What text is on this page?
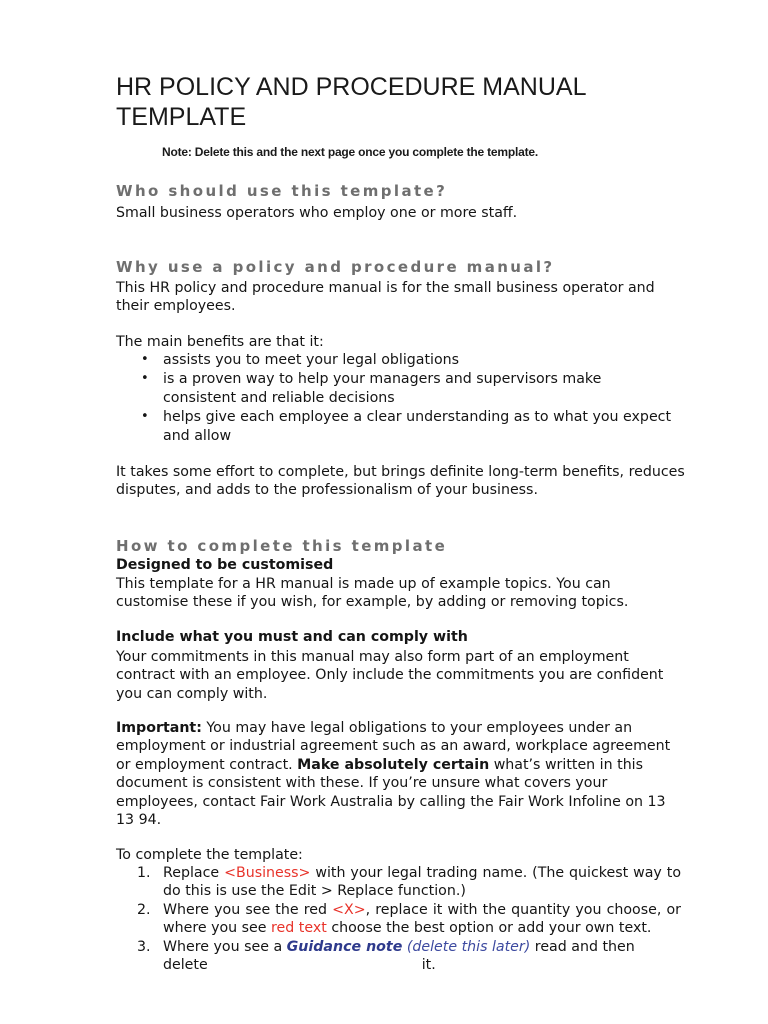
HR POLICY AND PROCEDURE MANUAL
TEMPLATE
Note: Delete this and the next page once you complete the template.
Who should use this template?

Small business operators who employ one or more staff.

Why use a policy and procedure manual?

This HR policy and procedure manual is for the small business operator and their employees.

The main benefits are that it:

• assists you to meet your legal obligations
• is a proven way to help your managers and supervisors make consistent and reliable decisions
• helps give each employee a clear understanding as to what you expect and allow

It takes some effort to complete, but brings definite long-term benefits, reduces disputes, and adds to the professionalism of your business.

How to complete this template

Designed to be customised

This template for a HR manual is made up of example topics. You can customise these if you wish, for example, by adding or removing topics.

Include what you must and can comply with

Your commitments in this manual may also form part of an employment contract with an employee. Only include the commitments you are confident you can comply with.

Important: You may have legal obligations to your employees under an employment or industrial agreement such as an award, workplace agreement or employment contract. Make absolutely certain what’s written in this document is consistent with these. If you’re unsure what covers your employees, contact Fair Work Australia by calling the Fair Work Infoline on 13 13 94.

To complete the template:

1. Replace <Business> with your legal trading name. (The quickest way to do this is use the Edit > Replace function.)
2. Where you see the red <X>, replace it with the quantity you choose, or where you see red text choose the best option or add your own text.
3. Where you see a Guidance note (delete this later) read and then delete	it.
